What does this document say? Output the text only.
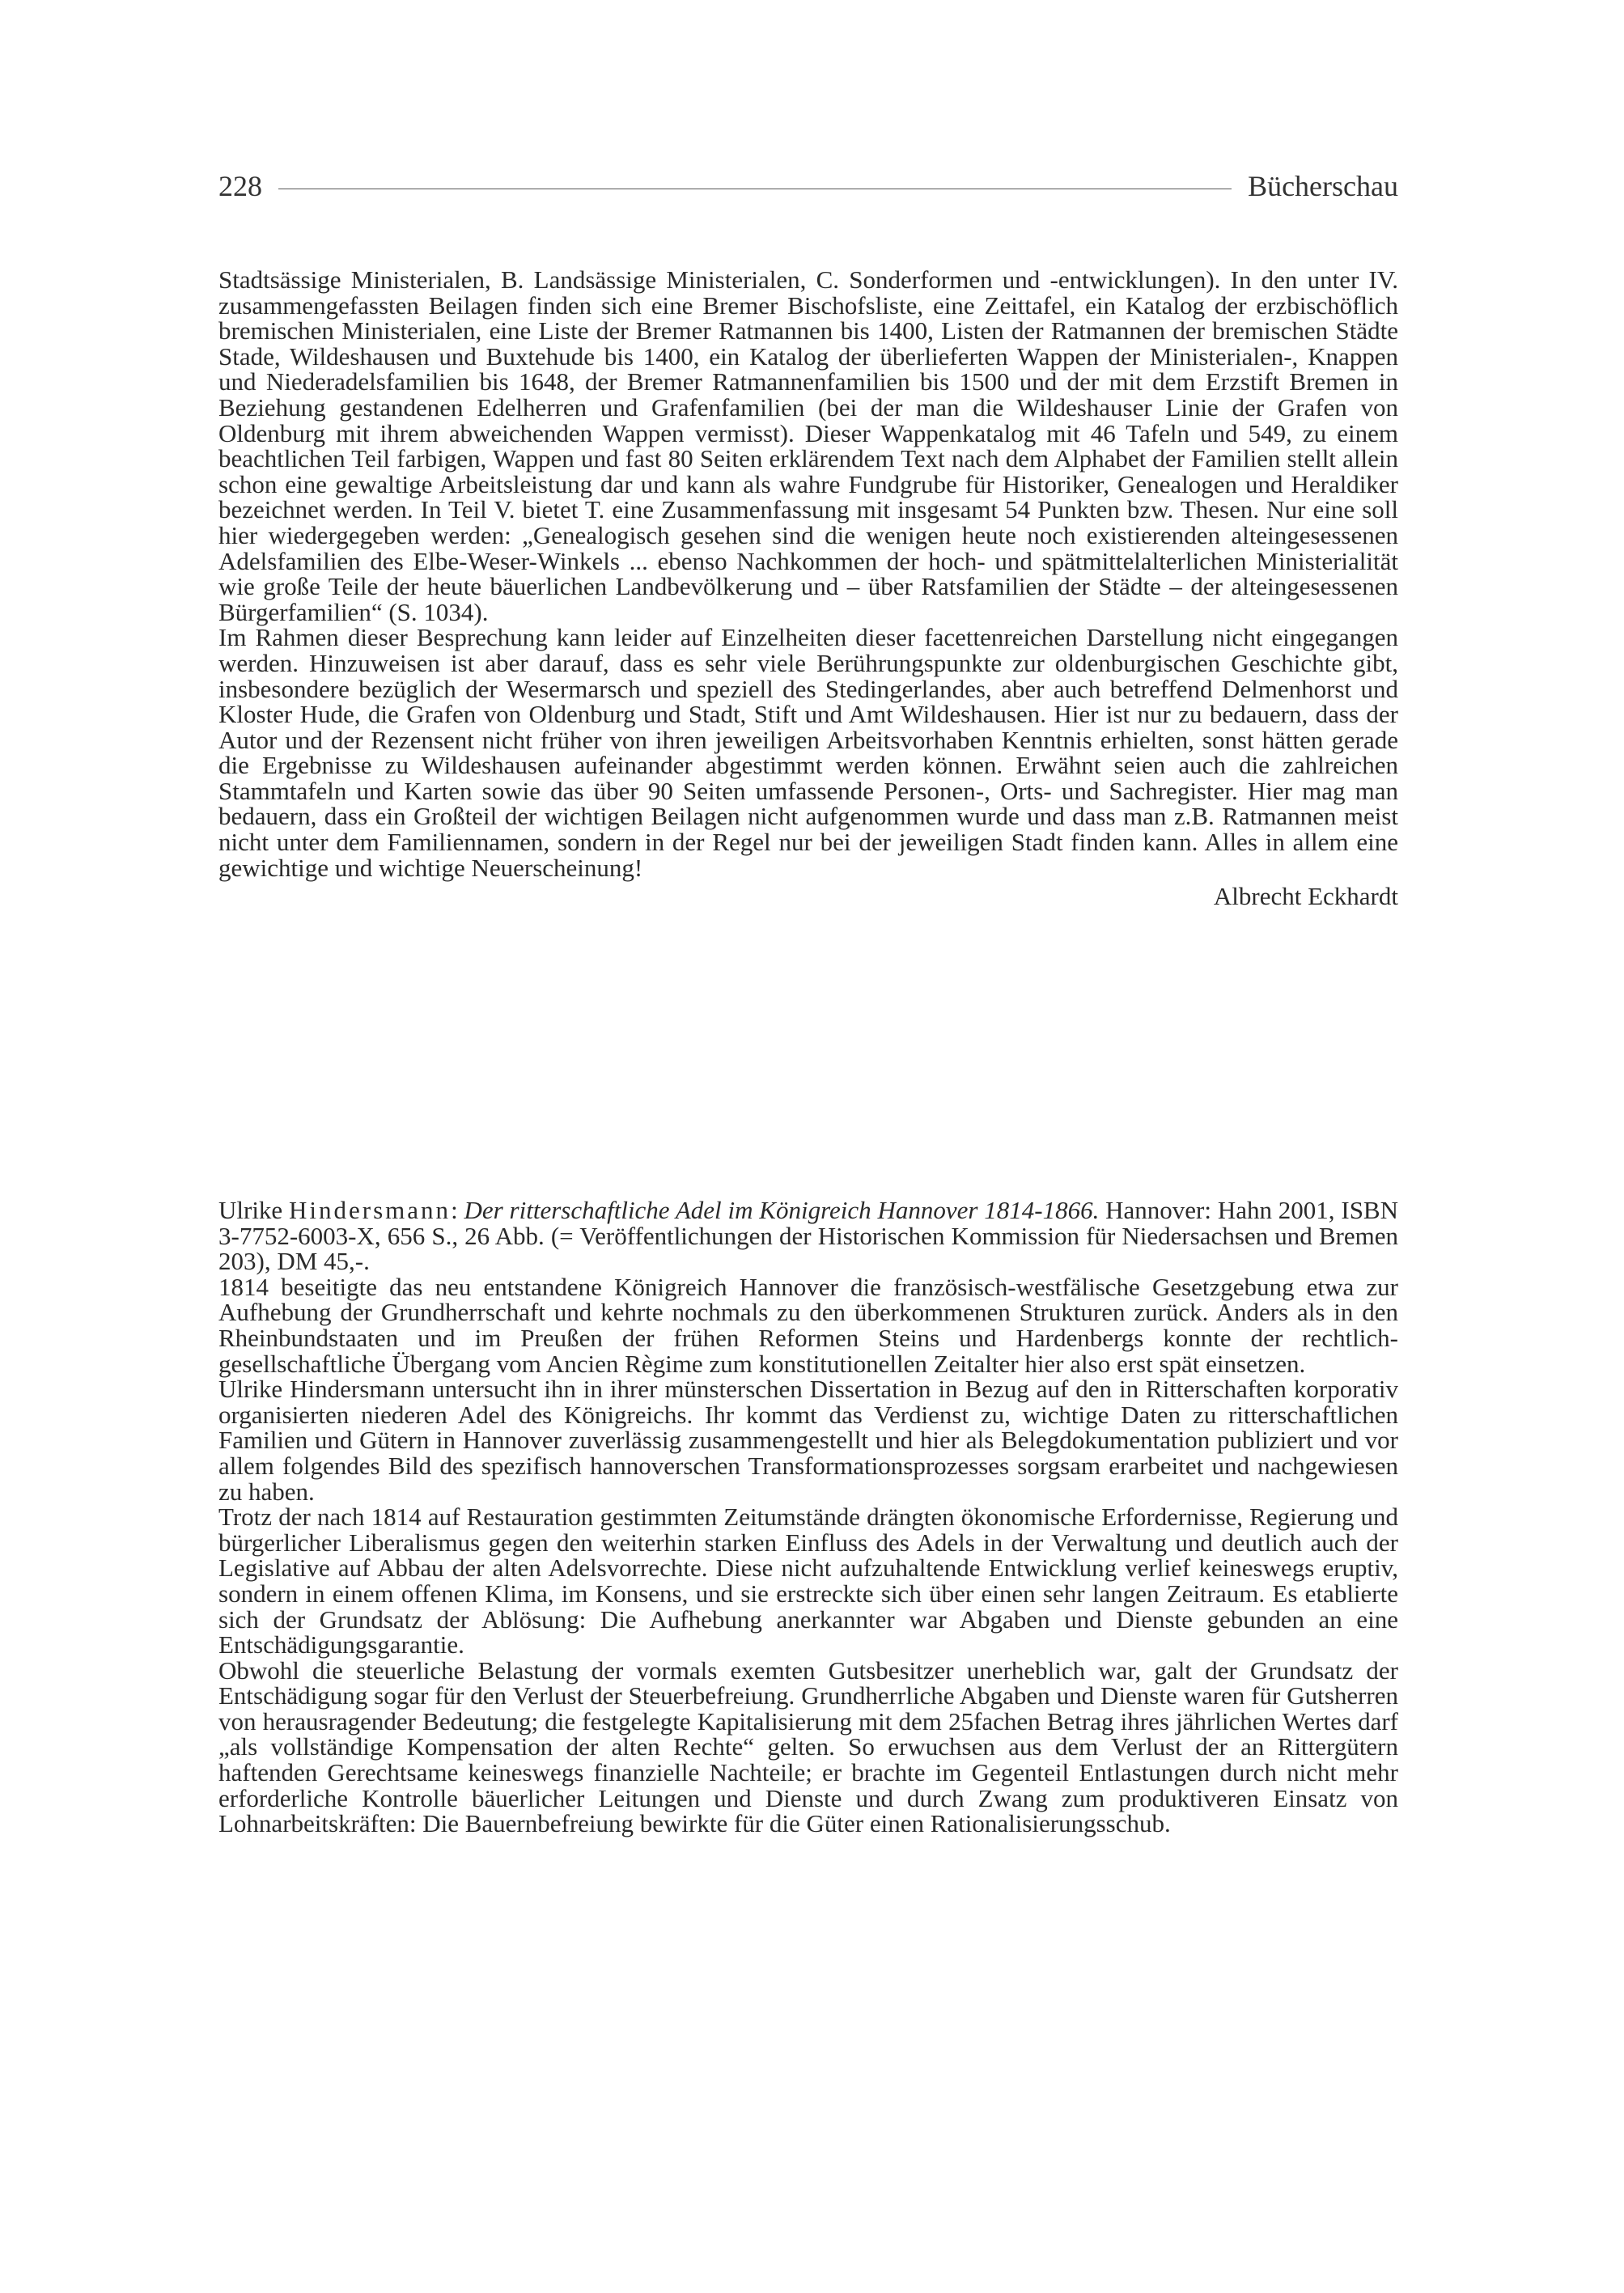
228	Bücherschau

Stadtsässige Ministerialen, B. Landsässige Ministerialen, C. Sonderformen und -entwicklungen). In den unter IV. zusammengefassten Beilagen finden sich eine Bremer Bischofsliste, eine Zeittafel, ein Katalog der erzbischöflich bremischen Ministerialen, eine Liste der Bremer Ratmannen bis 1400, Listen der Ratmannen der bremischen Städte Stade, Wildeshausen und Buxtehude bis 1400, ein Katalog der überlieferten Wappen der Ministerialen-, Knappen und Niederadelsfamilien bis 1648, der Bremer Ratmannenfamilien bis 1500 und der mit dem Erzstift Bremen in Beziehung gestandenen Edelherren und Grafenfamilien (bei der man die Wildeshauser Linie der Grafen von Oldenburg mit ihrem abweichenden Wappen vermisst). Dieser Wappenkatalog mit 46 Tafeln und 549, zu einem beachtlichen Teil farbigen, Wappen und fast 80 Seiten erklärendem Text nach dem Alphabet der Familien stellt allein schon eine gewaltige Arbeitsleistung dar und kann als wahre Fundgrube für Historiker, Genealogen und Heraldiker bezeichnet werden. In Teil V. bietet T. eine Zusammenfassung mit insgesamt 54 Punkten bzw. Thesen. Nur eine soll hier wiedergegeben werden: „Genealogisch gesehen sind die wenigen heute noch existierenden alteingesessenen Adelsfamilien des Elbe-Weser-Winkels ... ebenso Nachkommen der hoch- und spätmittelalterlichen Ministerialität wie große Teile der heute bäuerlichen Landbevölkerung und – über Ratsfamilien der Städte – der alteingesessenen Bürgerfamilien“ (S. 1034).

Im Rahmen dieser Besprechung kann leider auf Einzelheiten dieser facettenreichen Darstellung nicht eingegangen werden. Hinzuweisen ist aber darauf, dass es sehr viele Berührungspunkte zur oldenburgischen Geschichte gibt, insbesondere bezüglich der Wesermarsch und speziell des Stedingerlandes, aber auch betreffend Delmenhorst und Kloster Hude, die Grafen von Oldenburg und Stadt, Stift und Amt Wildeshausen. Hier ist nur zu bedauern, dass der Autor und der Rezensent nicht früher von ihren jeweiligen Arbeitsvorhaben Kenntnis erhielten, sonst hätten gerade die Ergebnisse zu Wildeshausen aufeinander abgestimmt werden können. Erwähnt seien auch die zahlreichen Stammtafeln und Karten sowie das über 90 Seiten umfassende Personen-, Orts- und Sachregister. Hier mag man bedauern, dass ein Großteil der wichtigen Beilagen nicht aufgenommen wurde und dass man z.B. Ratmannen meist nicht unter dem Familiennamen, sondern in der Regel nur bei der jeweiligen Stadt finden kann. Alles in allem eine gewichtige und wichtige Neuerscheinung!

Albrecht Eckhardt

Ulrike Hindersmann: Der ritterschaftliche Adel im Königreich Hannover 1814-1866. Hannover: Hahn 2001, ISBN 3-7752-6003-X, 656 S., 26 Abb. (= Veröffentlichungen der Historischen Kommission für Niedersachsen und Bremen 203), DM 45,-.

1814 beseitigte das neu entstandene Königreich Hannover die französisch-westfälische Gesetzgebung etwa zur Aufhebung der Grundherrschaft und kehrte nochmals zu den überkommenen Strukturen zurück. Anders als in den Rheinbundstaaten und im Preußen der frühen Reformen Steins und Hardenbergs konnte der rechtlich-gesellschaftliche Übergang vom Ancien Règime zum konstitutionellen Zeitalter hier also erst spät einsetzen.

Ulrike Hindersmann untersucht ihn in ihrer münsterschen Dissertation in Bezug auf den in Ritterschaften korporativ organisierten niederen Adel des Königreichs. Ihr kommt das Verdienst zu, wichtige Daten zu ritterschaftlichen Familien und Gütern in Hannover zuverlässig zusammengestellt und hier als Belegdokumentation publiziert und vor allem folgendes Bild des spezifisch hannoverschen Transformationsprozesses sorgsam erarbeitet und nachgewiesen zu haben.

Trotz der nach 1814 auf Restauration gestimmten Zeitumstände drängten ökonomische Erfordernisse, Regierung und bürgerlicher Liberalismus gegen den weiterhin starken Einfluss des Adels in der Verwaltung und deutlich auch der Legislative auf Abbau der alten Adelsvorrechte. Diese nicht aufzuhaltende Entwicklung verlief keineswegs eruptiv, sondern in einem offenen Klima, im Konsens, und sie erstreckte sich über einen sehr langen Zeitraum. Es etablierte sich der Grundsatz der Ablösung: Die Aufhebung anerkannter war Abgaben und Dienste gebunden an eine Entschädigungsgarantie.

Obwohl die steuerliche Belastung der vormals exemten Gutsbesitzer unerheblich war, galt der Grundsatz der Entschädigung sogar für den Verlust der Steuerbefreiung. Grundherrliche Abgaben und Dienste waren für Gutsherren von herausragender Bedeutung; die festgelegte Kapitalisierung mit dem 25fachen Betrag ihres jährlichen Wertes darf „als vollständige Kompensation der alten Rechte“ gelten. So erwuchsen aus dem Verlust der an Rittergütern haftenden Gerechtsame keineswegs finanzielle Nachteile; er brachte im Gegenteil Entlastungen durch nicht mehr erforderliche Kontrolle bäuerlicher Leitungen und Dienste und durch Zwang zum produktiveren Einsatz von Lohnarbeitskräften: Die Bauernbefreiung bewirkte für die Güter einen Rationalisierungsschub.
